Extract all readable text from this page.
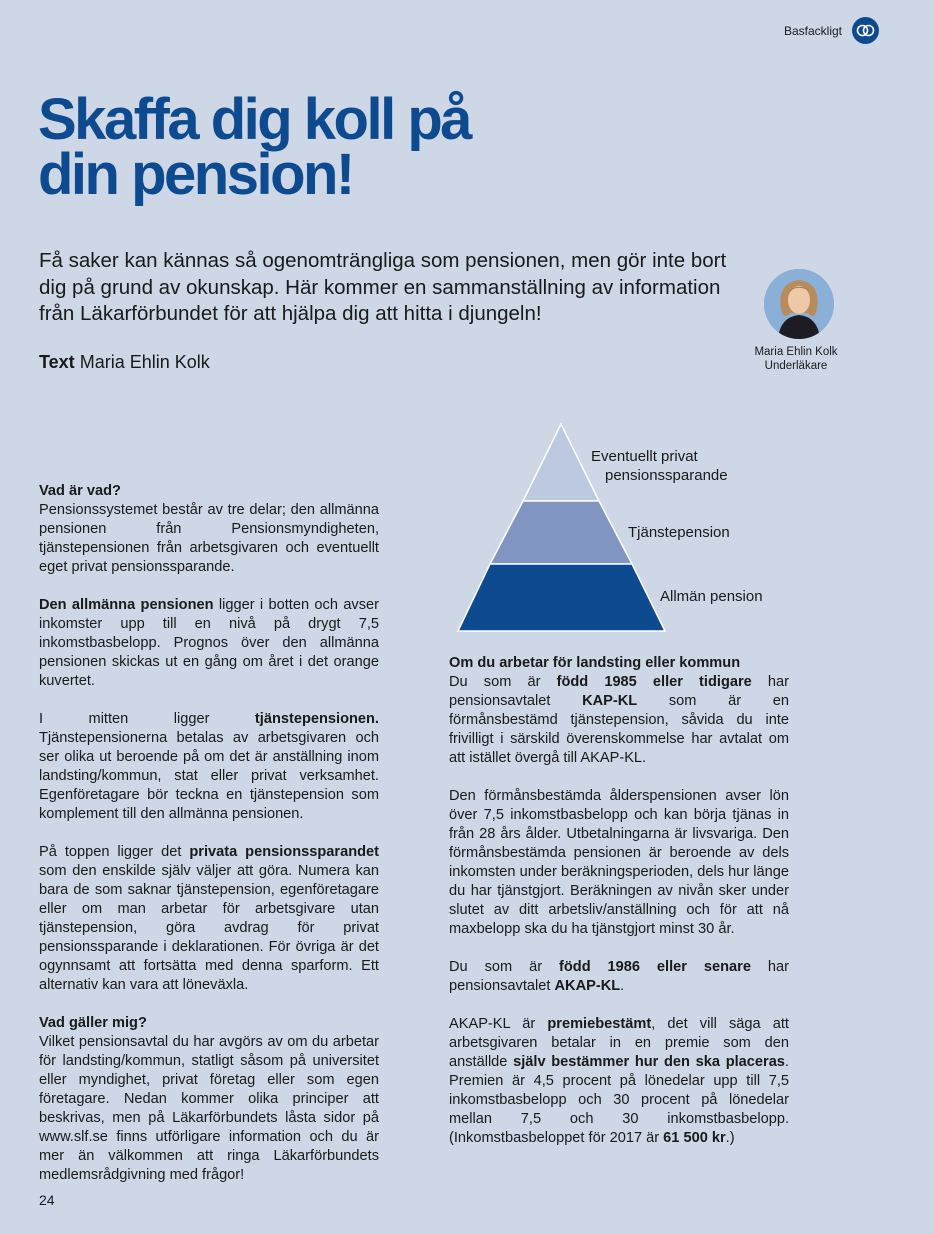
Basfackligt
Skaffa dig koll på
din pension!

Få saker kan kännas så ogenomträngliga som pensionen, men gör inte bort dig på grund av okunskap. Här kommer en sammanställning av information från Läkarförbundet för att hjälpa dig att hitta i djungeln!

Text Maria Ehlin Kolk	Maria Ehlin Kolk
Underläkare
Eventuellt privat
pensionssparande
Tjänstepension
Allmän pension
Vad är vad?

Pensionssystemet består av tre delar; den allmänna pensionen från Pensionsmyndigheten, tjänstepensionen från arbetsgivaren och eventuellt eget privat pensionssparande.

Den allmänna pensionen ligger i botten och avser inkomster upp till en nivå på drygt 7,5 inkomstbasbelopp. Prognos över den allmänna pensionen skickas ut en gång om året i det orange kuvertet.

I mitten ligger tjänstepensionen. Tjänstepensionerna betalas av arbetsgivaren och ser olika ut beroende på om det är anställning inom landsting/kommun, stat eller privat verksamhet. Egenföretagare bör teckna en tjänstepension som komplement till den allmänna pensionen.

På toppen ligger det privata pensionssparandet som den enskilde själv väljer att göra. Numera kan bara de som saknar tjänstepension, egenföretagare eller om man arbetar för arbetsgivare utan tjänstepension, göra avdrag för privat pensionssparande i deklarationen. För övriga är det ogynnsamt att fortsätta med denna sparform. Ett alternativ kan vara att löneväxla.

Vad gäller mig?

Vilket pensionsavtal du har avgörs av om du arbetar för landsting/kommun, statligt såsom på universitet eller myndighet, privat företag eller som egen företagare. Nedan kommer olika principer att beskrivas, men på Läkarförbundets låsta sidor på www.slf.se finns utförligare information och du är mer än välkommen att ringa Läkarförbundets medlemsrådgivning med frågor!

Om du arbetar för landsting eller kommun

Du som är född 1985 eller tidigare har pensionsavtalet KAP-KL som är en förmånsbestämd tjänstepension, såvida du inte frivilligt i särskild överenskommelse har avtalat om att istället övergå till AKAP-KL.

Den förmånsbestämda ålderspensionen avser lön över 7,5 inkomstbasbelopp och kan börja tjänas in från 28 års ålder. Utbetalningarna är livsvariga. Den förmånsbestämda pensionen är beroende av dels inkomsten under beräkningsperioden, dels hur länge du har tjänstgjort. Beräkningen av nivån sker under slutet av ditt arbetsliv/anställning och för att nå maxbelopp ska du ha tjänstgjort minst 30 år.

Du som är född 1986 eller senare har pensionsavtalet AKAP-KL.

AKAP-KL är premiebestämt, det vill säga att arbetsgivaren betalar in en premie som den anställde själv bestämmer hur den ska placeras. Premien är 4,5 procent på lönedelar upp till 7,5 inkomstbasbelopp och 30 procent på lönedelar mellan 7,5 och 30 inkomstbasbelopp. (Inkomstbasbeloppet för 2017 är 61 500 kr.)

24
